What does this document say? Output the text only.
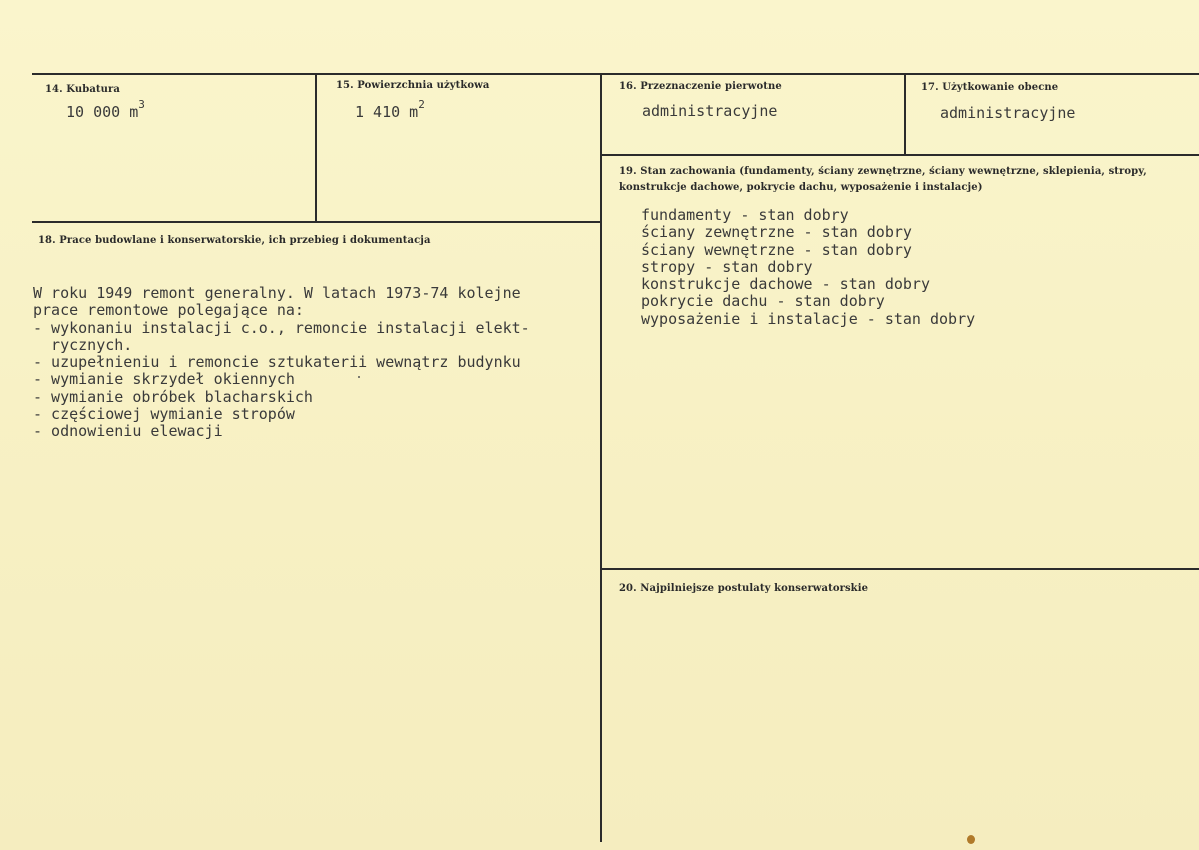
14. Kubatura
10 000 $m^3$
15. Powierzchnia użytkowa
1 410 $m^2$
16. Przeznaczenie pierwotne
administracyjne
17. Użytkowanie obecne
administracyjne
18. Prace budowlane i konserwatorskie, ich przebieg i dokumentacja
W roku 1949 remont generalny. W latach 1973-74 kolejne
prace remontowe polegające na:
- wykonaniu instalacji c.o., remoncie instalacji elekt-
rycznych.
- uzupełnieniu i remoncie sztukaterii wewnątrz budynku
- wymianie skrzydeł okiennych
- wymianie obróbek blacharskich
- częściowej wymianie stropów
- odnowieniu elewacji
19. Stan zachowania (fundamenty, ściany zewnętrzne, ściany wewnętrzne, sklepienia, stropy, konstrukcje dachowe, pokrycie dachu, wyposażenie i instalacje)
fundamenty - stan dobry
ściany zewnętrzne - stan dobry
ściany wewnętrzne - stan dobry
stropy - stan dobry
konstrukcje dachowe - stan dobry
pokrycie dachu - stan dobry
wyposażenie i instalacje - stan dobry
20. Najpilniejsze postulaty konserwatorskie
